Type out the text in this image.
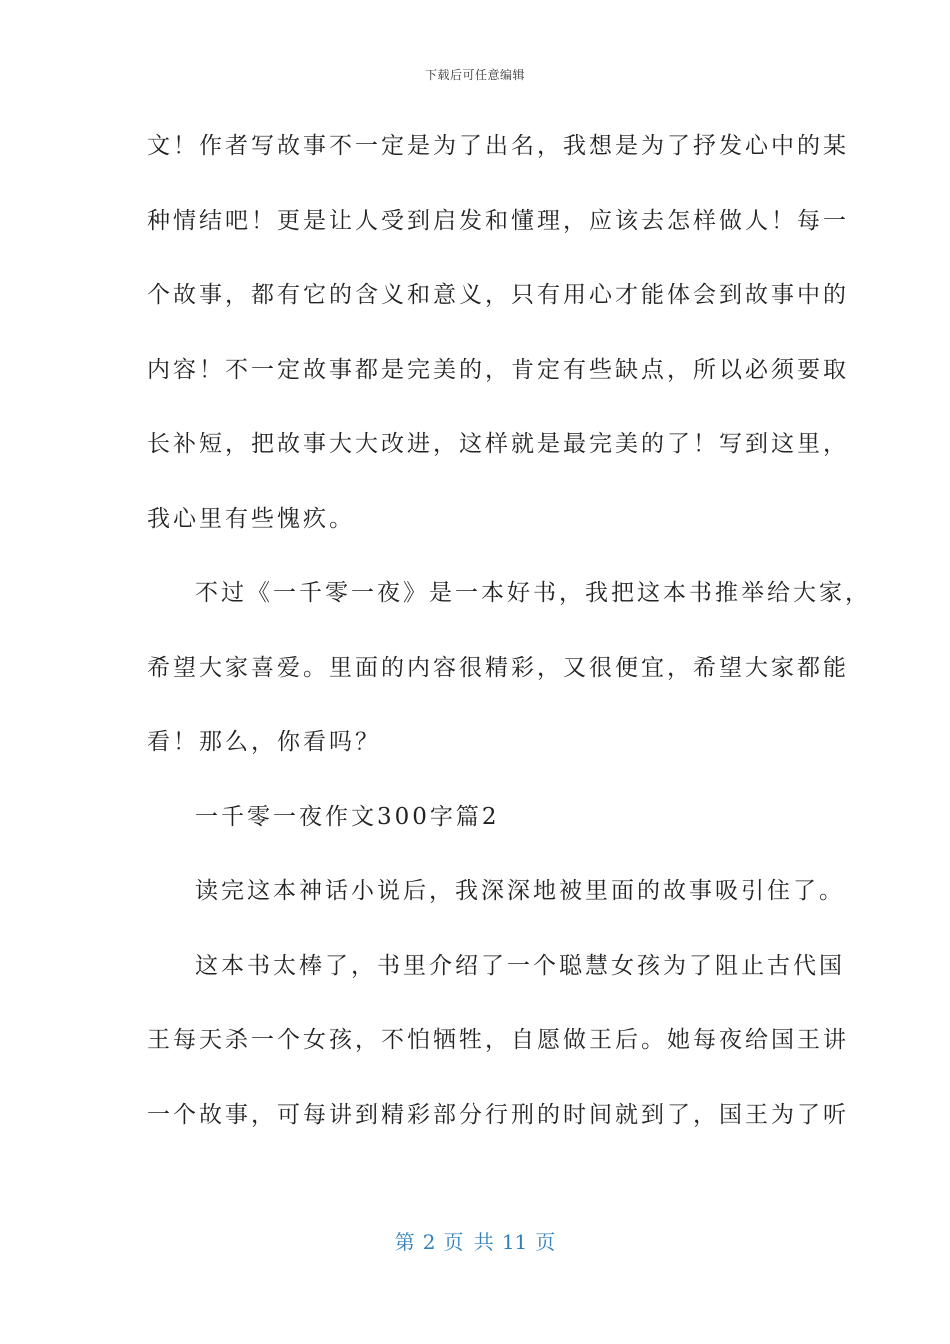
下载后可任意编辑
文！作者写故事不一定是为了出名，我想是为了抒发心中的某
种情结吧！更是让人受到启发和懂理，应该去怎样做人！每一
个故事，都有它的含义和意义，只有用心才能体会到故事中的
内容！不一定故事都是完美的，肯定有些缺点，所以必须要取
长补短，把故事大大改进，这样就是最完美的了！写到这里，
我心里有些愧疚。
不过《一千零一夜》是一本好书，我把这本书推举给大家，
希望大家喜爱。里面的内容很精彩，又很便宜，希望大家都能
看！那么，你看吗？
一千零一夜作文300字篇2
读完这本神话小说后，我深深地被里面的故事吸引住了。
这本书太棒了，书里介绍了一个聪慧女孩为了阻止古代国
王每天杀一个女孩，不怕牺牲，自愿做王后。她每夜给国王讲
一个故事，可每讲到精彩部分行刑的时间就到了，国王为了听
第 2 页 共 11 页
